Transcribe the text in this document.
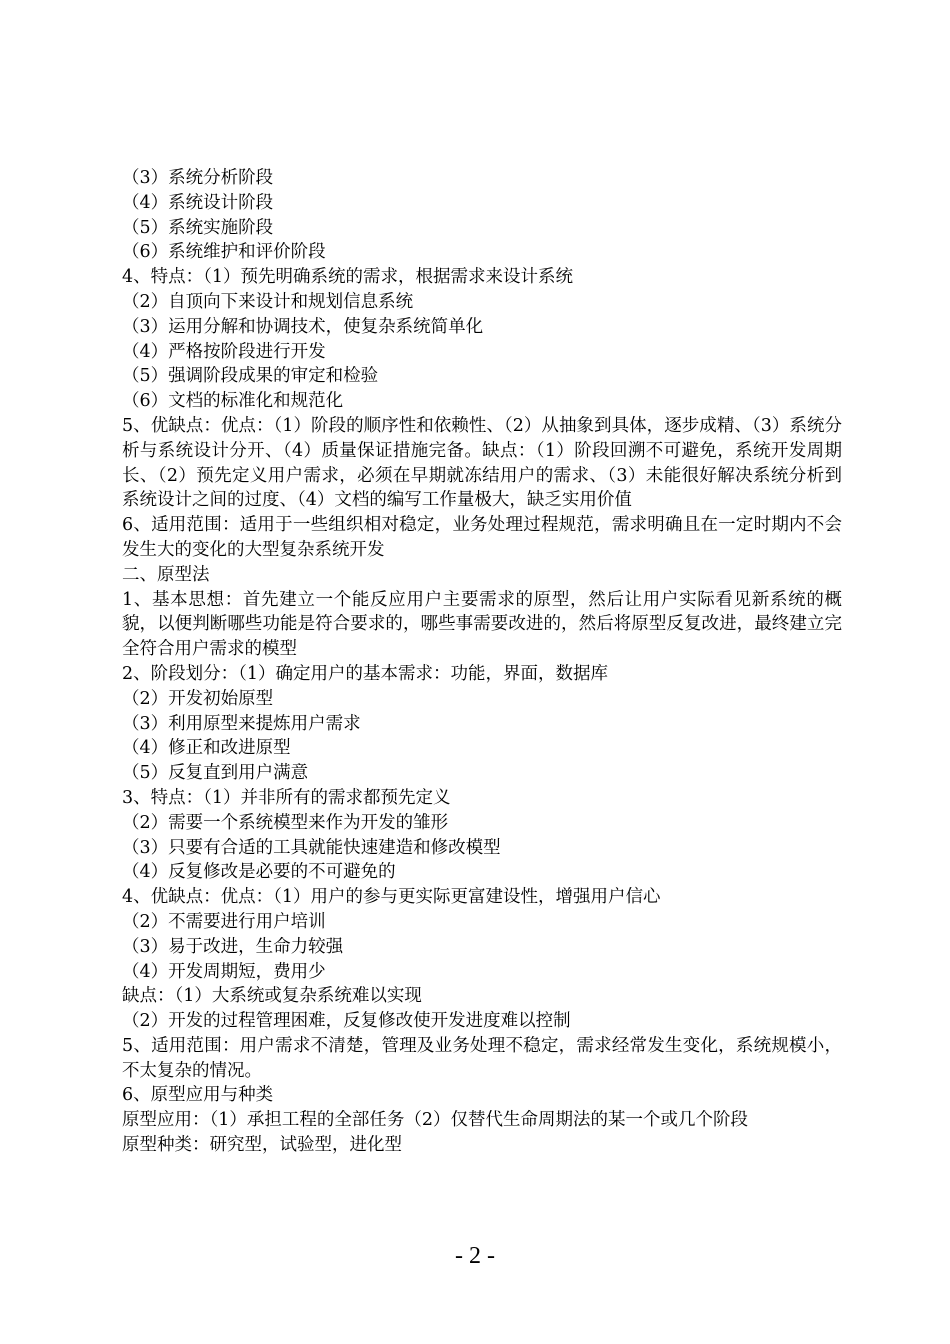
（3）系统分析阶段
（4）系统设计阶段
（5）系统实施阶段
（6）系统维护和评价阶段
4、特点：（1）预先明确系统的需求，根据需求来设计系统
（2）自顶向下来设计和规划信息系统
（3）运用分解和协调技术，使复杂系统简单化
（4）严格按阶段进行开发
（5）强调阶段成果的审定和检验
（6）文档的标准化和规范化
5、优缺点：优点：（1）阶段的顺序性和依赖性、（2）从抽象到具体，逐步成精、（3）系统分析与系统设计分开、（4）质量保证措施完备。缺点：（1）阶段回溯不可避免，系统开发周期长、（2）预先定义用户需求，必须在早期就冻结用户的需求、（3）未能很好解决系统分析到系统设计之间的过度、（4）文档的编写工作量极大，缺乏实用价值
6、适用范围：适用于一些组织相对稳定，业务处理过程规范，需求明确且在一定时期内不会发生大的变化的大型复杂系统开发
二、原型法
1、基本思想：首先建立一个能反应用户主要需求的原型，然后让用户实际看见新系统的概貌，以便判断哪些功能是符合要求的，哪些事需要改进的，然后将原型反复改进，最终建立完全符合用户需求的模型
2、阶段划分：（1）确定用户的基本需求：功能，界面，数据库
（2）开发初始原型
（3）利用原型来提炼用户需求
（4）修正和改进原型
（5）反复直到用户满意
3、特点：（1）并非所有的需求都预先定义
（2）需要一个系统模型来作为开发的雏形
（3）只要有合适的工具就能快速建造和修改模型
（4）反复修改是必要的不可避免的
4、优缺点：优点：（1）用户的参与更实际更富建设性，增强用户信心
（2）不需要进行用户培训
（3）易于改进，生命力较强
（4）开发周期短，费用少
缺点：（1）大系统或复杂系统难以实现
（2）开发的过程管理困难，反复修改使开发进度难以控制
5、适用范围：用户需求不清楚，管理及业务处理不稳定，需求经常发生变化，系统规模小，不太复杂的情况。
6、原型应用与种类
原型应用：（1）承担工程的全部任务（2）仅替代生命周期法的某一个或几个阶段
原型种类：研究型，试验型，进化型
- 2 -
